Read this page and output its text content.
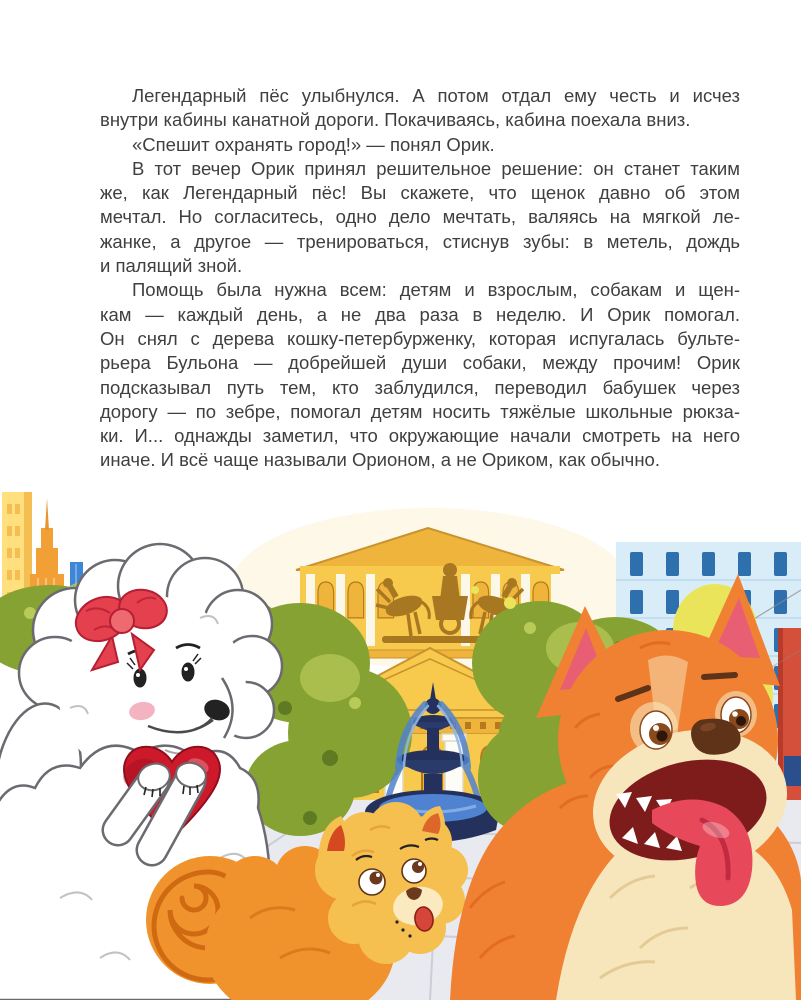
Легендарный пёс улыбнулся. А потом отдал ему честь и исчез
внутри кабины канатной дороги. Покачиваясь, кабина поехала вниз.
«Спешит охранять город!» — понял Орик.
В тот вечер Орик принял решительное решение: он станет таким
же, как Легендарный пёс! Вы скажете, что щенок давно об этом
мечтал. Но согласитесь, одно дело мечтать, валяясь на мягкой ле-
жанке, а другое — тренироваться, стиснув зубы: в метель, дождь
и палящий зной.
Помощь была нужна всем: детям и взрослым, собакам и щен-
кам — каждый день, а не два раза в неделю. И Орик помогал.
Он снял с дерева кошку-петербурженку, которая испугалась бульте-
рьера Бульона — добрейшей души собаки, между прочим! Орик
подсказывал путь тем, кто заблудился, переводил бабушек через
дорогу — по зебре, помогал детям носить тяжёлые школьные рюкза-
ки. И... однажды заметил, что окружающие начали смотреть на него
иначе. И всё чаще называли Орионом, а не Ориком, как обычно.
